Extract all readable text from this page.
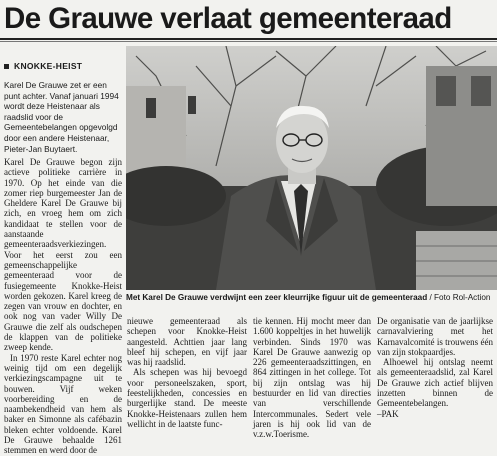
De Grauwe verlaat gemeenteraad
KNOKKE-HEIST
Karel De Grauwe zet er een punt achter. Vanaf januari 1994 wordt deze Heistenaar als raadslid voor de Gemeentebelangen opgevolgd door een andere Heistenaar, Pieter-Jan Buytaert.

Karel De Grauwe begon zijn actieve politieke carrière in 1970. Op het einde van die zomer riep burgemeester Jan de Gheldere Karel De Grauwe bij zich, en vroeg hem om zich kandidaat te stellen voor de aanstaande gemeenteraadsverkiezingen. Voor het eerst zou een gemeenschappelijke gemeenteraad voor de fusiegemeente Knokke-Heist worden gekozen. Karel kreeg de zegen van vrouw en dochter, en ook nog van vader Willy De Grauwe die zelf als oudschepen de klappen van de politieke zweep kende.

In 1970 reste Karel echter nog weinig tijd om een degelijk verkiezingscampagne uit te bouwen. Vijf weken voorbereiding en de naambekendheid van hem als baker en Simonne als cafébazin bleken echter voldoende. Karel De Grauwe behaalde 1261 stemmen en werd door de

Met Karel De Grauwe verdwijnt een zeer kleurrijke figuur uit de gemeenteraad / Foto Rol-Action

nieuwe gemeenteraad als schepen voor Knokke-Heist aangesteld. Achttien jaar lang bleef hij schepen, en vijf jaar was hij raadslid.

Als schepen was hij bevoegd voor personeelszaken, sport, feestelijkheden, concessies en burgerlijke stand. De meeste Knokke-Heistenaars zullen hem wellicht in de laatste func-

tie kennen. Hij mocht meer dan 1.600 koppeltjes in het huwelijk verbinden. Sinds 1970 was Karel De Grauwe aanwezig op 226 gemeenteraadszittingen, en 864 zittingen in het college. Tot bij zijn ontslag was hij bestuurder en lid van directies van verschillende Intercommunales. Sedert vele jaren is hij ook lid van de v.z.w.Toerisme.

De organisatie van de jaarlijkse carnavalviering met het Karnavalcomité is trouwens één van zijn stokpaardjes.

Alhoewel hij ontslag neemt als gemeenteraadslid, zal Karel De Grauwe zich actief blijven inzetten binnen de Gemeentebelangen.

–PAK
